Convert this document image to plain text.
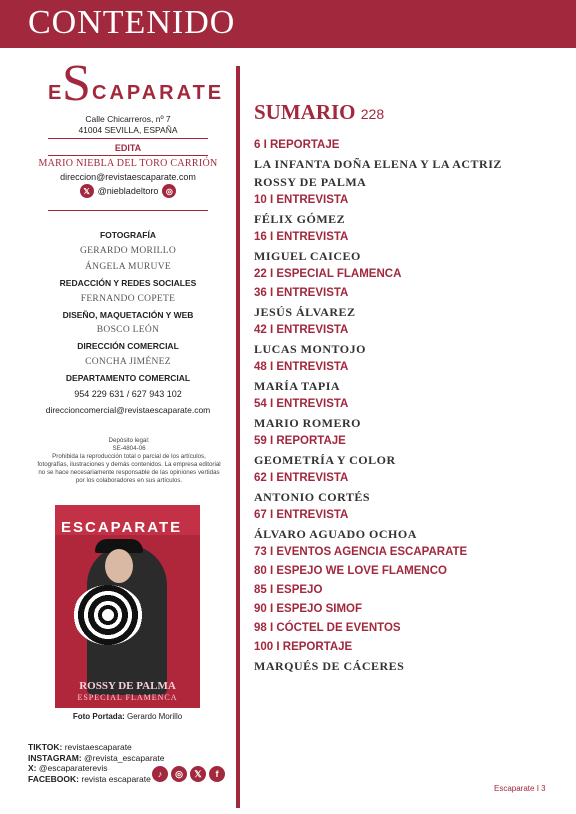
CONTENIDO
E
S CAPARATE
Calle Chicarreros, nº 7
41004 SEVILLA, ESPAÑA
EDITA
MARIO NIEBLA DEL TORO CARRIÓN
direccion@revistaescaparate.com
𝕏 @niebladeltoro ◎
FOTOGRAFÍA
GERARDO MORILLO
ÁNGELA MURUVE
REDACCIÓN Y REDES SOCIALES
FERNANDO COPETE
DISEÑO, MAQUETACIÓN Y WEB
BOSCO LEÓN
DIRECCIÓN COMERCIAL
CONCHA JIMÉNEZ
DEPARTAMENTO COMERCIAL
954 229 631 / 627 943 102
direccioncomercial@revistaescaparate.com
Depósito legal:
SE-4804-06
Prohibida la reproducción total o parcial de los artículos, fotografías, ilustraciones y demás contenidos. La empresa editorial no se hace necesariamente responsable de las opiniones vertidas por los colaboradores en sus artículos.
ESCAPARATE
ROSSY DE PALMA
ESPECIAL FLAMENCA
Foto Portada: Gerardo Morillo
TIKTOK: revistaescaparate
INSTAGRAM: @revista_escaparate
X: @escaparaterevis
FACEBOOK: revista escaparate ♪	◎	𝕏	f
SUMARIO 228
6 I REPORTAJE
LA INFANTA DOÑA ELENA Y LA ACTRIZ
ROSSY DE PALMA
10 I ENTREVISTA
FÉLIX GÓMEZ
16 I ENTREVISTA
MIGUEL CAICEO
22 I ESPECIAL FLAMENCA
36 I ENTREVISTA
JESÚS ÁLVAREZ
42 I ENTREVISTA
LUCAS MONTOJO
48 I ENTREVISTA
MARÍA TAPIA
54 I ENTREVISTA
MARIO ROMERO
59 I REPORTAJE
GEOMETRÍA Y COLOR
62 I ENTREVISTA
ANTONIO CORTÉS
67 I ENTREVISTA
ÁLVARO AGUADO OCHOA
73 I EVENTOS AGENCIA ESCAPARATE
80 I ESPEJO WE LOVE FLAMENCO
85 I ESPEJO
90 I ESPEJO SIMOF
98 I CÓCTEL DE EVENTOS
100 I REPORTAJE
MARQUÉS DE CÁCERES
Escaparate I 3
